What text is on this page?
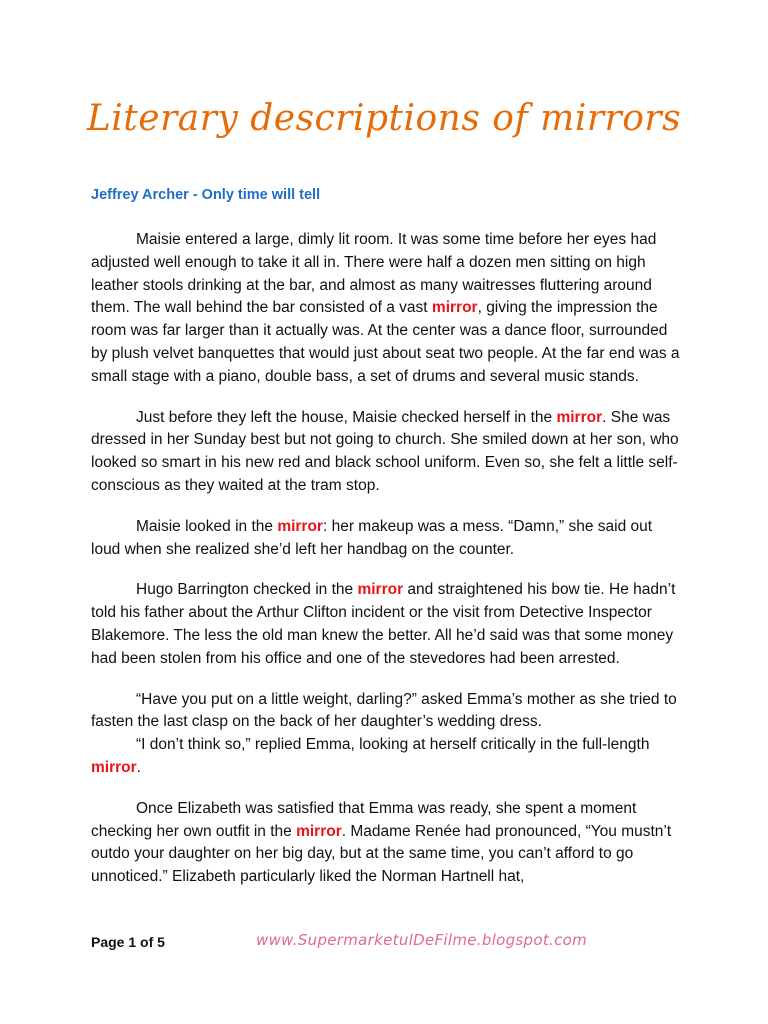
Literary descriptions of mirrors
Jeffrey Archer - Only time will tell

Maisie entered a large, dimly lit room. It was some time before her eyes had adjusted well enough to take it all in. There were half a dozen men sitting on high leather stools drinking at the bar, and almost as many waitresses fluttering around them. The wall behind the bar consisted of a vast mirror, giving the impression the room was far larger than it actually was. At the center was a dance floor, surrounded by plush velvet banquettes that would just about seat two people. At the far end was a small stage with a piano, double bass, a set of drums and several music stands.

Just before they left the house, Maisie checked herself in the mirror. She was dressed in her Sunday best but not going to church. She smiled down at her son, who looked so smart in his new red and black school uniform. Even so, she felt a little self-conscious as they waited at the tram stop.

Maisie looked in the mirror: her makeup was a mess. “Damn,” she said out loud when she realized she’d left her handbag on the counter.

Hugo Barrington checked in the mirror and straightened his bow tie. He hadn’t told his father about the Arthur Clifton incident or the visit from Detective Inspector Blakemore. The less the old man knew the better. All he’d said was that some money had been stolen from his office and one of the stevedores had been arrested.

“Have you put on a little weight, darling?” asked Emma’s mother as she tried to fasten the last clasp on the back of her daughter’s wedding dress.

“I don’t think so,” replied Emma, looking at herself critically in the full-length mirror.

Once Elizabeth was satisfied that Emma was ready, she spent a moment checking her own outfit in the mirror. Madame Renée had pronounced, “You mustn’t outdo your daughter on her big day, but at the same time, you can’t afford to go unnoticed.” Elizabeth particularly liked the Norman Hartnell hat,

Page 1 of 5	www.SupermarketulDeFilme.blogspot.com
